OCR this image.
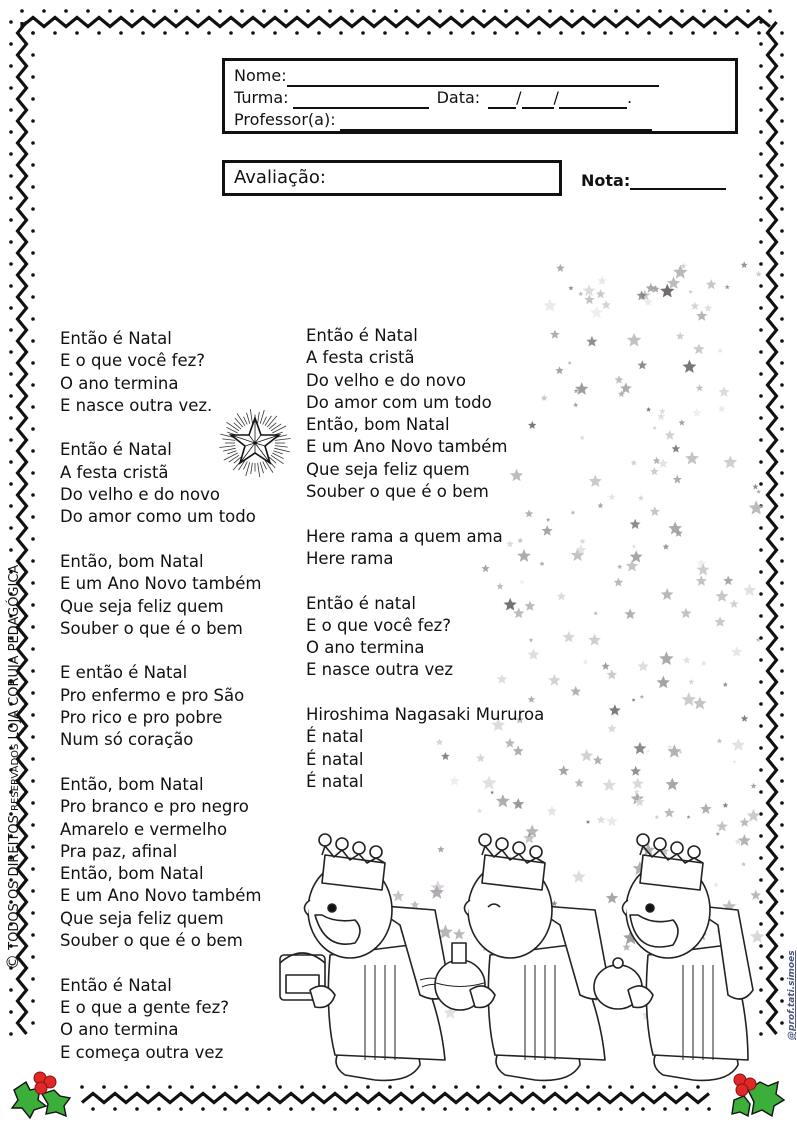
Nome:
Turma:	Data: / /	.
Professor(a):
Avaliação:	Nota:
Então é Natal
E o que você fez?
O ano termina
E nasce outra vez.
Então é Natal
A festa cristã
Do velho e do novo
Do amor como um todo
Então, bom Natal
E um Ano Novo também
Que seja feliz quem
Souber o que é o bem
E então é Natal
Pro enfermo e pro São
Pro rico e pro pobre
Num só coração
Então, bom Natal
Pro branco e pro negro
Amarelo e vermelho
Pra paz, afinal
Então, bom Natal
E um Ano Novo também
Que seja feliz quem
Souber o que é o bem
Então é Natal
E o que a gente fez?
O ano termina
E começa outra vez
Então é Natal
A festa cristã
Do velho e do novo
Do amor com um todo
Então, bom Natal
E um Ano Novo também
Que seja feliz quem
Souber o que é o bem
Here rama a quem ama
Here rama
Então é natal
E o que você fez?
O ano termina
E nasce outra vez
Hiroshima Nagasaki Mururoa
É natal
É natal
É natal
© TODOS OS DIREITOS RESERVADOS LOJA CORUJA PEDAGÓGICA
@prof.tati.simoes
